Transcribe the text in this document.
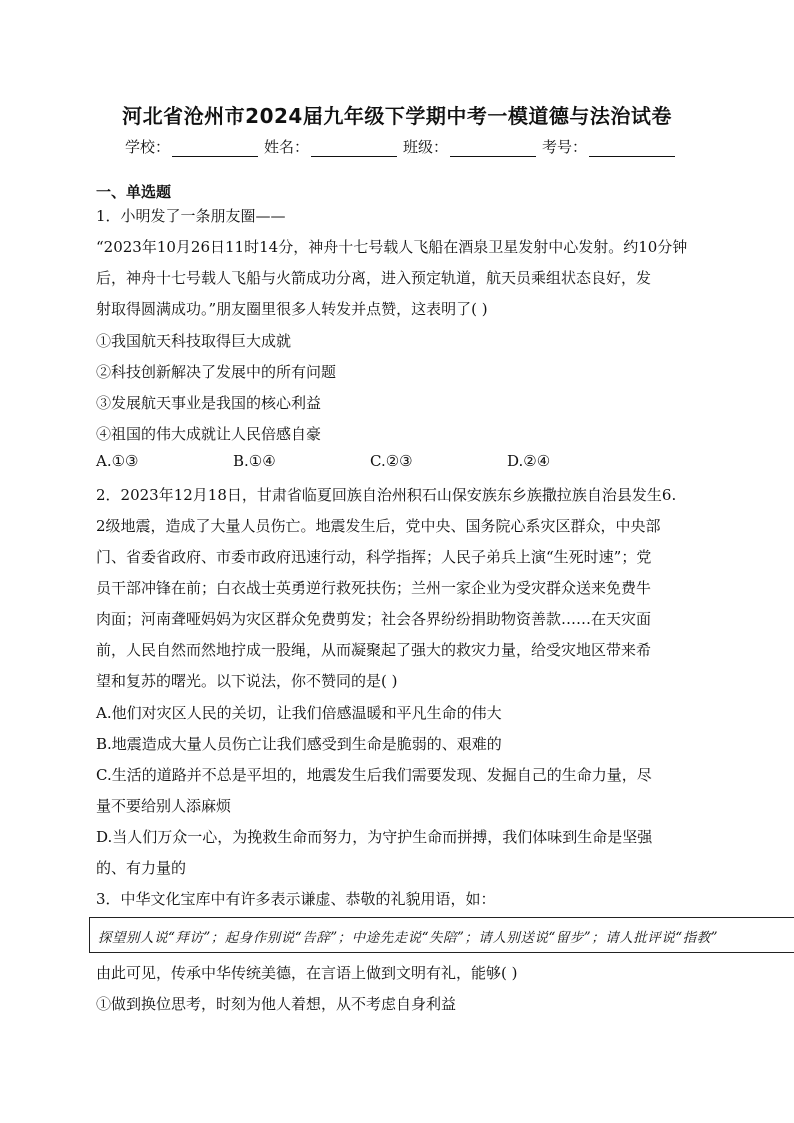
河北省沧州市2024届九年级下学期中考一模道德与法治试卷
学校：	姓名：	班级：	考号：
一、单选题
1．小明发了一条朋友圈——
“2023年10月26日11时14分，神舟十七号载人飞船在酒泉卫星发射中心发射。约10分钟
后，神舟十七号载人飞船与火箭成功分离，进入预定轨道，航天员乘组状态良好，发
射取得圆满成功。”朋友圈里很多人转发并点赞，这表明了( )
①我国航天科技取得巨大成就
②科技创新解决了发展中的所有问题
③发展航天事业是我国的核心利益
④祖国的伟大成就让人民倍感自豪
A.①③	B.①④	C.②③	D.②④
2．2023年12月18日，甘肃省临夏回族自治州积石山保安族东乡族撒拉族自治县发生6.
2级地震，造成了大量人员伤亡。地震发生后，党中央、国务院心系灾区群众，中央部
门、省委省政府、市委市政府迅速行动，科学指挥；人民子弟兵上演“生死时速”；党
员干部冲锋在前；白衣战士英勇逆行救死扶伤；兰州一家企业为受灾群众送来免费牛
肉面；河南聋哑妈妈为灾区群众免费剪发；社会各界纷纷捐助物资善款……在天灾面
前，人民自然而然地拧成一股绳，从而凝聚起了强大的救灾力量，给受灾地区带来希
望和复苏的曙光。以下说法，你不赞同的是( )
A.他们对灾区人民的关切，让我们倍感温暖和平凡生命的伟大
B.地震造成大量人员伤亡让我们感受到生命是脆弱的、艰难的
C.生活的道路并不总是平坦的，地震发生后我们需要发现、发掘自己的生命力量，尽
量不要给别人添麻烦
D.当人们万众一心，为挽救生命而努力，为守护生命而拼搏，我们体味到生命是坚强
的、有力量的
3．中华文化宝库中有许多表示谦虚、恭敬的礼貌用语，如：
探望别人说“拜访”；起身作别说“告辞”；中途先走说“失陪”；请人别送说“留步”；请人批评说“指教”
由此可见，传承中华传统美德，在言语上做到文明有礼，能够( )
①做到换位思考，时刻为他人着想，从不考虑自身利益
